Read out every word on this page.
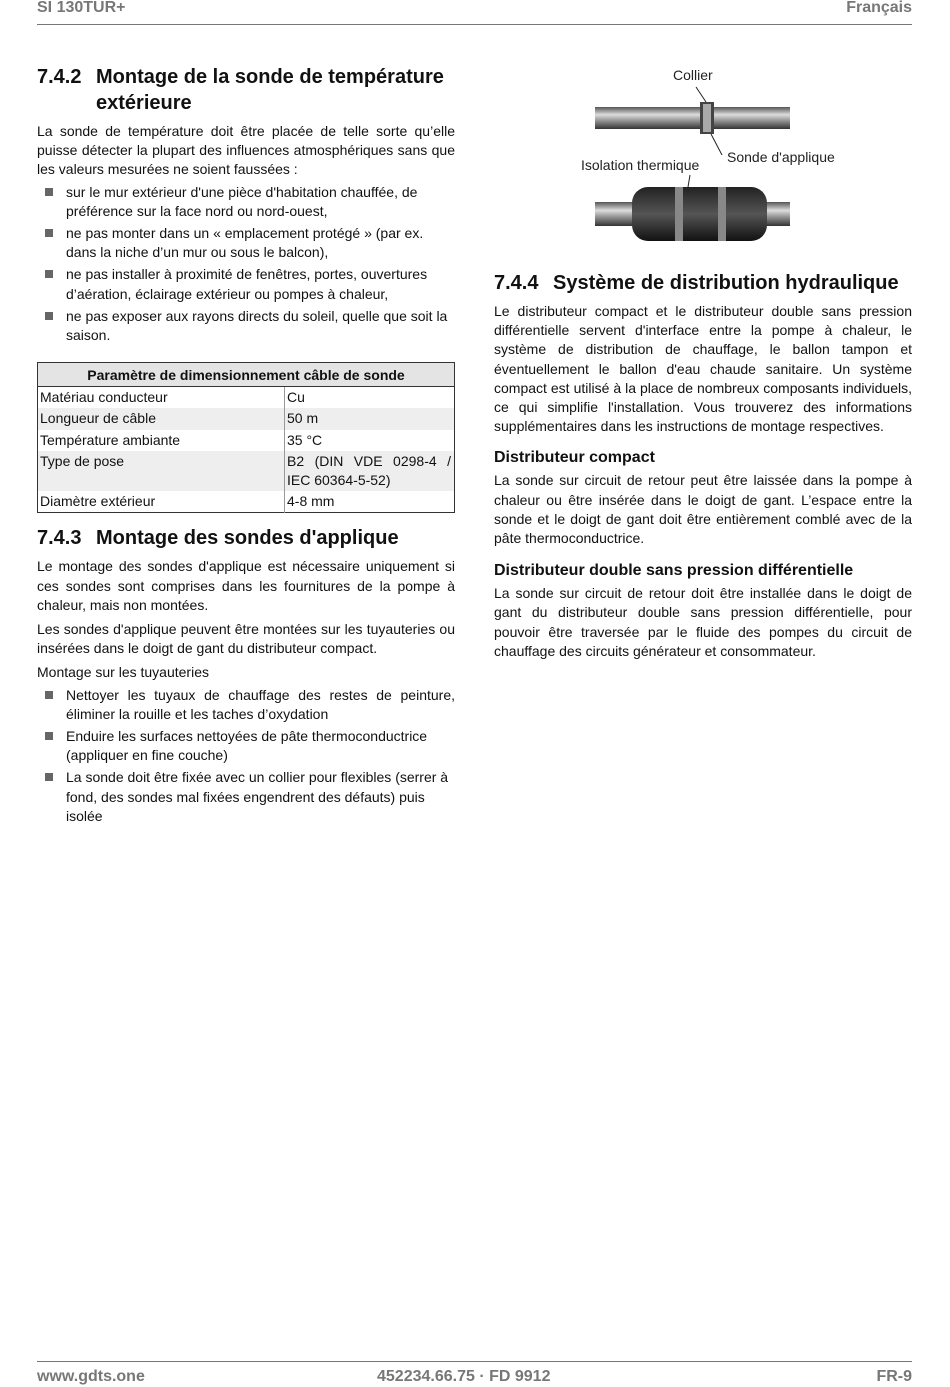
SI 130TUR+	Français
7.4.2 Montage de la sonde de température extérieure

La sonde de température doit être placée de telle sorte qu’elle puisse détecter la plupart des influences atmosphériques sans que les valeurs mesurées ne soient faussées :

sur le mur extérieur d'une pièce d'habitation chauffée, de préférence sur la face nord ou nord-ouest,
ne pas monter dans un « emplacement protégé » (par ex. dans la niche d’un mur ou sous le balcon),
ne pas installer à proximité de fenêtres, portes, ouvertures d’aération, éclairage extérieur ou pompes à chaleur,
ne pas exposer aux rayons directs du soleil, quelle que soit la saison.
Paramètre de dimensionnement câble de sonde	
Matériau conducteur	Cu
Longueur de câble	50 m
Température ambiante	35 °C
Type de pose	B2 (DIN VDE 0298-4 / IEC 60364-5-52)
Diamètre extérieur	4-8 mm
7.4.3 Montage des sondes d'applique

Le montage des sondes d'applique est nécessaire uniquement si ces sondes sont comprises dans les fournitures de la pompe à chaleur, mais non montées.

Les sondes d'applique peuvent être montées sur les tuyauteries ou insérées dans le doigt de gant du distributeur compact.

Montage sur les tuyauteries

Nettoyer les tuyaux de chauffage des restes de peinture, éliminer la rouille et les taches d’oxydation
Enduire les surfaces nettoyées de pâte thermoconductrice (appliquer en fine couche)
La sonde doit être fixée avec un collier pour flexibles (serrer à fond, des sondes mal fixées engendrent des défauts) puis isolée
Collier
Isolation thermique Sonde d'applique
7.4.4 Système de distribution hydraulique

Le distributeur compact et le distributeur double sans pression différentielle servent d'interface entre la pompe à chaleur, le système de distribution de chauffage, le ballon tampon et éventuellement le ballon d'eau chaude sanitaire. Un système compact est utilisé à la place de nombreux composants individuels, ce qui simplifie l'installation. Vous trouverez des informations supplémentaires dans les instructions de montage respectives.

Distributeur compact

La sonde sur circuit de retour peut être laissée dans la pompe à chaleur ou être insérée dans le doigt de gant. L’espace entre la sonde et le doigt de gant doit être entièrement comblé avec de la pâte thermoconductrice.

Distributeur double sans pression différentielle

La sonde sur circuit de retour doit être installée dans le doigt de gant du distributeur double sans pression différentielle, pour pouvoir être traversée par le fluide des pompes du circuit de chauffage des circuits générateur et consommateur.

www.gdts.one	452234.66.75 · FD 9912	FR-9
